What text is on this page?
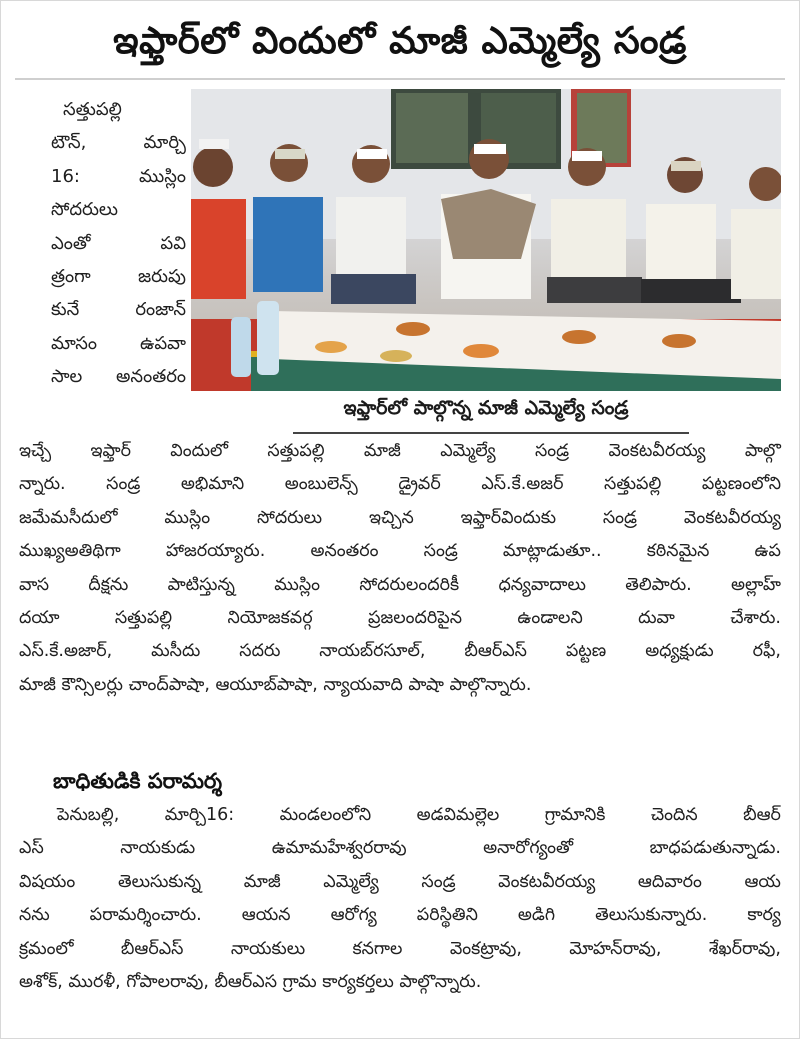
ఇఫ్తార్‌లో విందులో మాజీ ఎమ్మెల్యే సండ్ర
సత్తుపల్లి
టౌన్,	మార్చి
16:	ముస్లిం
సోదరులు
ఎంతో	పవి
త్రంగా	జరుపు
కునే	రంజాన్
మాసం ఉపవా
సాల అనంతరం
ఇఫ్తార్‌లో పాల్గొన్న మాజీ ఎమ్మెల్యే సండ్ర
ఇచ్చే ఇఫ్తార్ విందులో సత్తుపల్లి మాజీ ఎమ్మెల్యే సండ్ర వెంకటవీరయ్య పాల్గొ
న్నారు. సండ్ర అభిమాని అంబులెన్స్ డ్రైవర్ ఎస్.కే.అజర్ సత్తుపల్లి పట్టణంలోని
జమేమసీదులో	ముస్లిం	సోదరులు	ఇచ్చిన	ఇఫ్తార్‌విందుకు	సండ్ర	వెంకటవీరయ్య
ముఖ్యఅతిథిగా	హాజరయ్యారు.	అనంతరం	సండ్ర	మాట్లాడుతూ..	కఠినమైన	ఉప
వాస దీక్షను పాటిస్తున్న ముస్లిం సోదరులందరికీ ధన్యవాదాలు తెలిపారు. అల్లాహ్
దయా	సత్తుపల్లి	నియోజకవర్గ	ప్రజలందరిపైన	ఉండాలని	దువా	చేశారు.
ఎస్.కే.అజార్, మసీదు సదరు నాయబ్‌రసూల్, బీఆర్‌ఎస్ పట్టణ అధ్యక్షుడు రఫీ,
మాజీ కౌన్సిలర్లు చాంద్‌పాషా, ఆయూబ్‌పాషా, న్యాయవాది పాషా పాల్గొన్నారు.
బాధితుడికి పరామర్శ
పెనుబల్లి,	మార్చి16:	మండలంలోని	అడవిమల్లెల	గ్రామానికి	చెందిన	బీఆర్
ఎస్	నాయకుడు	ఉమామహేశ్వరరావు	అనారోగ్యంతో	బాధపడుతున్నాడు.
విషయం తెలుసుకున్న మాజీ ఎమ్మెల్యే సండ్ర వెంకటవీరయ్య ఆదివారం ఆయ
నను పరామర్శించారు. ఆయన ఆరోగ్య పరిస్థితిని అడిగి తెలుసుకున్నారు. కార్య
క్రమంలో	బీఆర్ఎస్	నాయకులు	కనగాల	వెంకట్రావు,	మోహన్‌రావు,	శేఖర్‌రావు,
అశోక్, మురళీ, గోపాలరావు, బీఆర్ఎస గ్రామ కార్యకర్తలు పాల్గొన్నారు.
